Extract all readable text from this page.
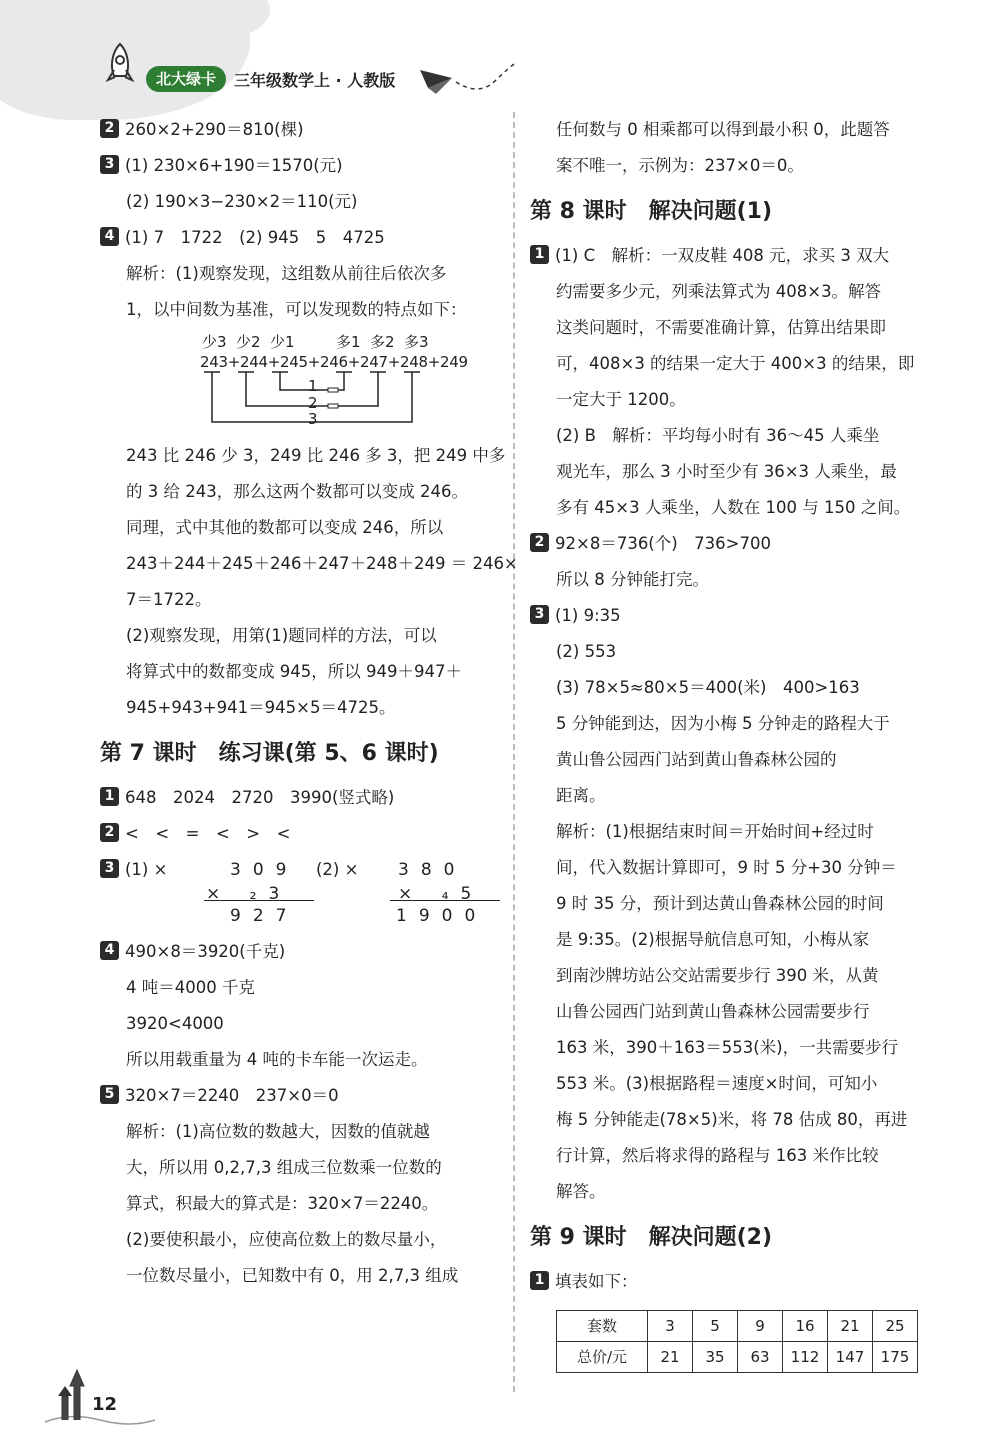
北大绿卡	三年级数学上 · 人教版
2 260×2+290＝810(棵)
3 (1) 230×6+190＝1570(元)
(2) 190×3−230×2＝110(元)
4 (1) 7　1722　(2) 945　5　4725
解析：(1)观察发现，这组数从前往后依次多
1，以中间数为基准，可以发现数的特点如下：
少3 少2 少1	多1 多2 多3
243+244+245+246+247+248+249
1
2
3
243 比 246 少 3，249 比 246 多 3，把 249 中多
的 3 给 243，那么这两个数都可以变成 246。
同理，式中其他的数都可以变成 246，所以
243＋244＋245＋246＋247＋248＋249 ＝ 246×
7＝1722。
(2)观察发现，用第(1)题同样的方法，可以
将算式中的数都变成 945，所以 949＋947＋
945+943+941＝945×5＝4725。
第 7 课时　练习课(第 5、6 课时)
1 648　2024　2720　3990(竖式略)
2 <　<　=　<　>　<
3 (1) ×	309
× ₂3
927
(2) × 380
× ₄5
1900
4 490×8＝3920(千克)
4 吨＝4000 千克
3920<4000
所以用载重量为 4 吨的卡车能一次运走。
5 320×7＝2240　237×0＝0
解析：(1)高位数的数越大，因数的值就越
大，所以用 0,2,7,3 组成三位数乘一位数的
算式，积最大的算式是：320×7＝2240。
(2)要使积最小，应使高位数上的数尽量小，
一位数尽量小，已知数中有 0，用 2,7,3 组成
任何数与 0 相乘都可以得到最小积 0，此题答
案不唯一，示例为：237×0＝0。
第 8 课时　解决问题(1)
1 (1) C　解析：一双皮鞋 408 元，求买 3 双大
约需要多少元，列乘法算式为 408×3。解答
这类问题时，不需要准确计算，估算出结果即
可，408×3 的结果一定大于 400×3 的结果，即
一定大于 1200。
(2) B　解析：平均每小时有 36～45 人乘坐
观光车，那么 3 小时至少有 36×3 人乘坐，最
多有 45×3 人乘坐，人数在 100 与 150 之间。
2 92×8＝736(个)　736>700
所以 8 分钟能打完。
3 (1) 9:35
(2) 553
(3) 78×5≈80×5＝400(米)　400>163
5 分钟能到达，因为小梅 5 分钟走的路程大于
黄山鲁公园西门站到黄山鲁森林公园的
距离。
解析：(1)根据结束时间＝开始时间+经过时
间，代入数据计算即可，9 时 5 分+30 分钟＝
9 时 35 分，预计到达黄山鲁森林公园的时间
是 9:35。(2)根据导航信息可知，小梅从家
到南沙牌坊站公交站需要步行 390 米，从黄
山鲁公园西门站到黄山鲁森林公园需要步行
163 米，390＋163＝553(米)，一共需要步行
553 米。(3)根据路程＝速度×时间，可知小
梅 5 分钟能走(78×5)米，将 78 估成 80，再进
行计算，然后将求得的路程与 163 米作比较
解答。
第 9 课时　解决问题(2)
1 填表如下：
套数	3	5	9	16	21	25
总价/元	21	35	63	112	147	175
12
